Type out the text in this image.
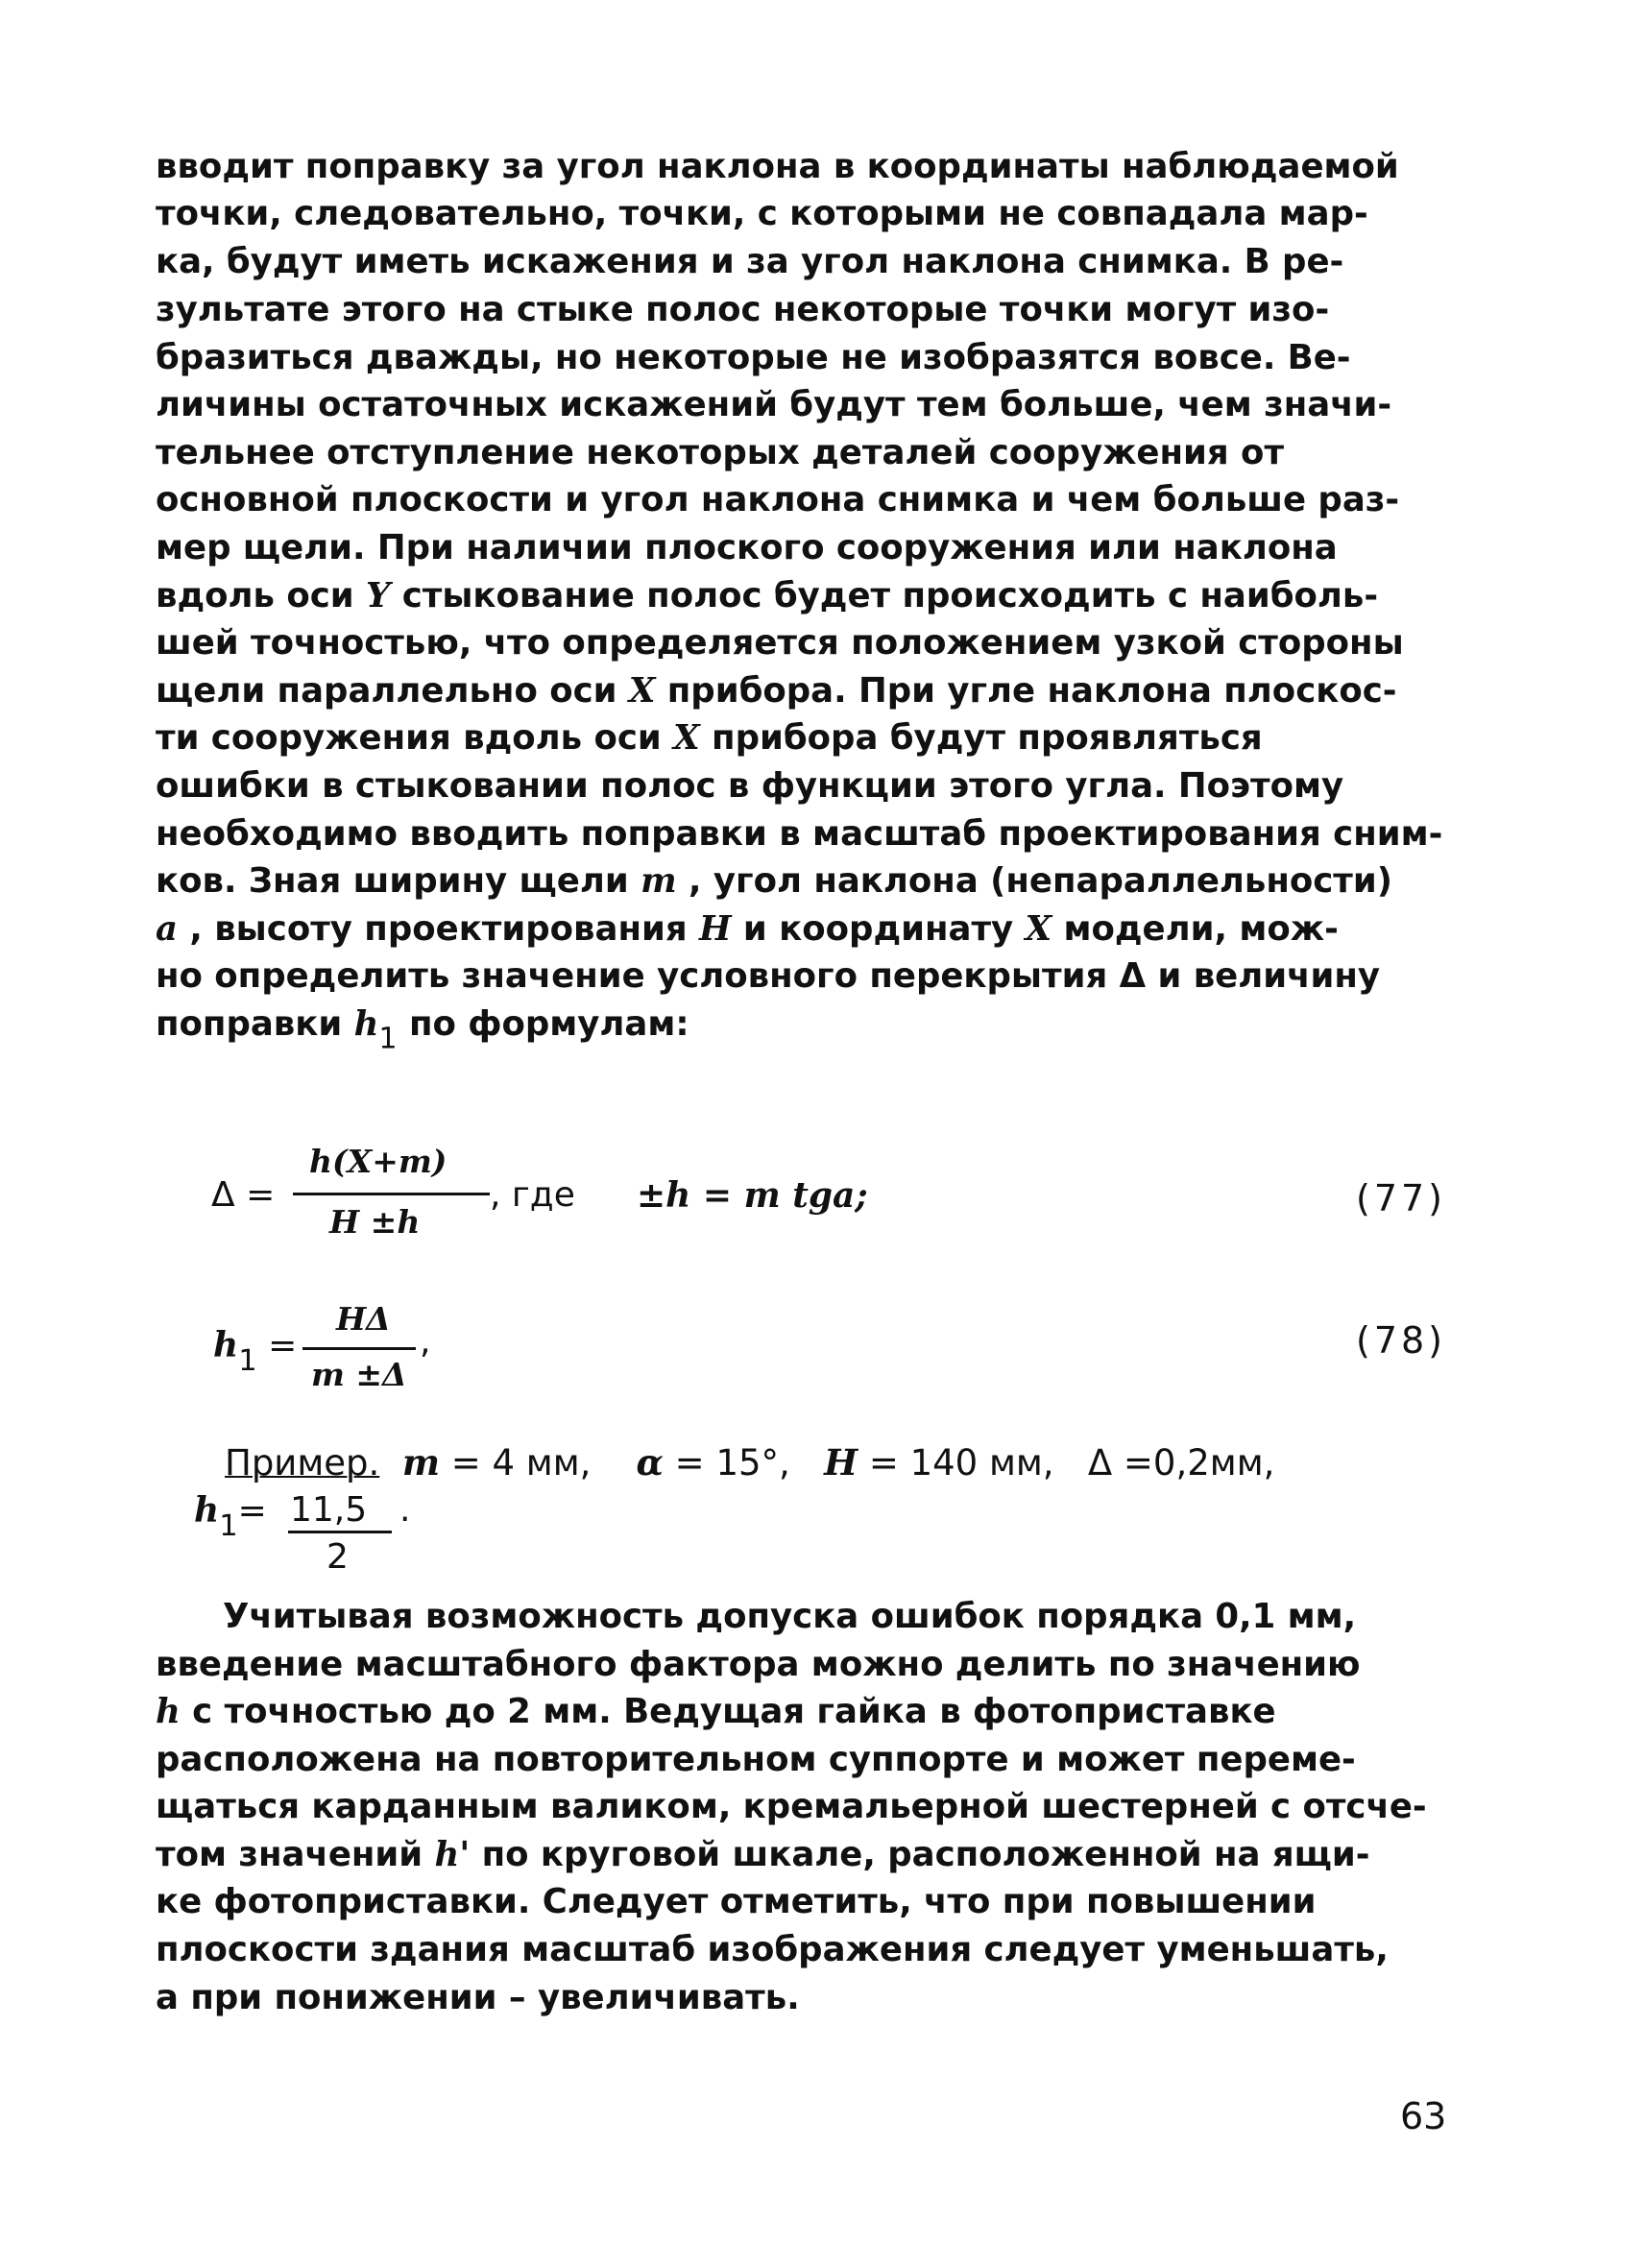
вводит поправку за угол наклона в координаты наблюдаемой
точки, следовательно, точки, с которыми не совпадала мар-
ка, будут иметь искажения и за угол наклона снимка. В ре-
зультате этого на стыке полос некоторые точки могут изо-
бразиться дважды, но некоторые не изобразятся вовсе. Ве-
личины остаточных искажений будут тем больше, чем значи-
тельнее отступление некоторых деталей сооружения от
основной плоскости и угол наклона снимка и чем больше раз-
мер щели. При наличии плоского сооружения или наклона
вдоль оси Y стыкование полос будет происходить с наиболь-
шей точностью, что определяется положением узкой стороны
щели параллельно оси X прибора. При угле наклона плоскос-
ти сооружения вдоль оси X прибора будут проявляться
ошибки в стыковании полос в функции этого угла. Поэтому
необходимо вводить поправки в масштаб проектирования сним-
ков. Зная ширину щели m , угол наклона (непараллельности)
a , высоту проектирования H и координату X модели, мож-
но определить значение условного перекрытия Δ и величину
поправки $h_1$ по формулам:
Δ =
h(X+m)
H ±h
, где ±h = m tga;	(77)
h1 =
HΔ
m ±Δ
,	(78)
Пример. m = 4 мм, α = 15°, H = 140 мм, Δ =0,2мм,
h1= 11,5
2
.
Учитывая возможность допуска ошибок порядка 0,1 мм,
введение масштабного фактора можно делить по значению
h с точностью до 2 мм. Ведущая гайка в фотоприставке
расположена на повторительном суппорте и может переме-
щаться карданным валиком, кремальерной шестерней с отсче-
том значений h' по круговой шкале, расположенной на ящи-
ке фотоприставки. Следует отметить, что при повышении
плоскости здания масштаб изображения следует уменьшать,
а при понижении – увеличивать.
63
